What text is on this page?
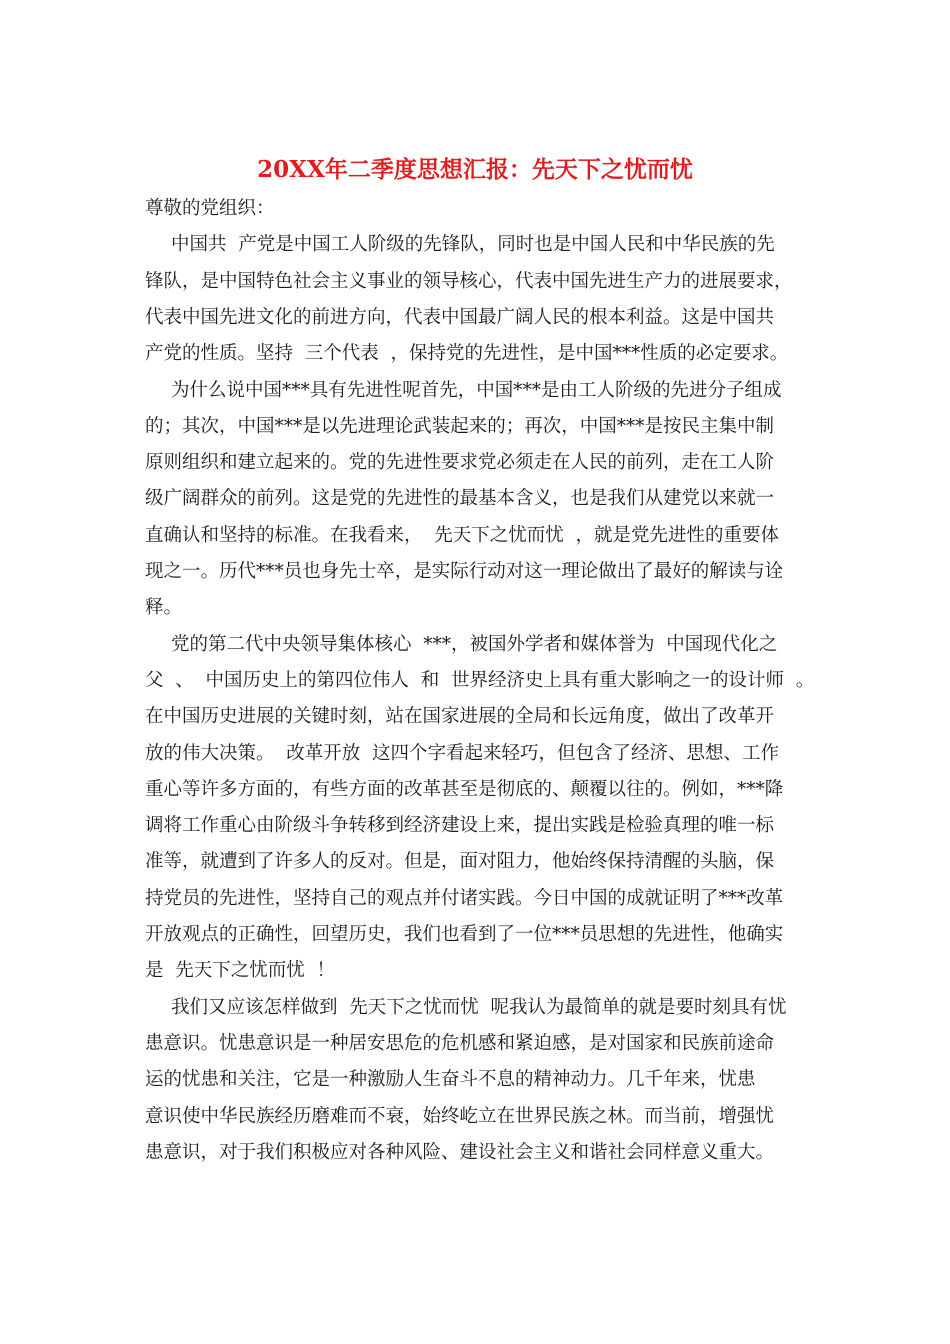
20XX年二季度思想汇报：先天下之忧而忧

尊敬的党组织：

中国共  产党是中国工人阶级的先锋队，同时也是中国人民和中华民族的先

锋队，是中国特色社会主义事业的领导核心，代表中国先进生产力的进展要求，

代表中国先进文化的前进方向，代表中国最广阔人民的根本利益。这是中国共

产党的性质。坚持  三个代表  ，保持党的先进性，是中国***性质的必定要求。

为什么说中国***具有先进性呢首先，中国***是由工人阶级的先进分子组成

的；其次，中国***是以先进理论武装起来的；再次，中国***是按民主集中制

原则组织和建立起来的。党的先进性要求党必须走在人民的前列，走在工人阶

级广阔群众的前列。这是党的先进性的最基本含义，也是我们从建党以来就一

直确认和坚持的标准。在我看来，  先天下之忧而忧  ，就是党先进性的重要体

现之一。历代***员也身先士卒，是实际行动对这一理论做出了最好的解读与诠

释。

党的第二代中央领导集体核心  ***，被国外学者和媒体誉为  中国现代化之

父  、  中国历史上的第四位伟人  和  世界经济史上具有重大影响之一的设计师  。

在中国历史进展的关键时刻，站在国家进展的全局和长远角度，做出了改革开

放的伟大决策。  改革开放  这四个字看起来轻巧，但包含了经济、思想、工作

重心等许多方面的，有些方面的改革甚至是彻底的、颠覆以往的。例如，***降

调将工作重心由阶级斗争转移到经济建设上来，提出实践是检验真理的唯一标

准等，就遭到了许多人的反对。但是，面对阻力，他始终保持清醒的头脑，保

持党员的先进性，坚持自己的观点并付诸实践。今日中国的成就证明了***改革

开放观点的正确性，回望历史，我们也看到了一位***员思想的先进性，他确实

是  先天下之忧而忧  ！

我们又应该怎样做到  先天下之忧而忧  呢我认为最简单的就是要时刻具有忧

患意识。忧患意识是一种居安思危的危机感和紧迫感，是对国家和民族前途命

运的忧患和关注，它是一种激励人生奋斗不息的精神动力。几千年来，忧患

意识使中华民族经历磨难而不衰，始终屹立在世界民族之林。而当前，增强忧

患意识，对于我们积极应对各种风险、建设社会主义和谐社会同样意义重大。
